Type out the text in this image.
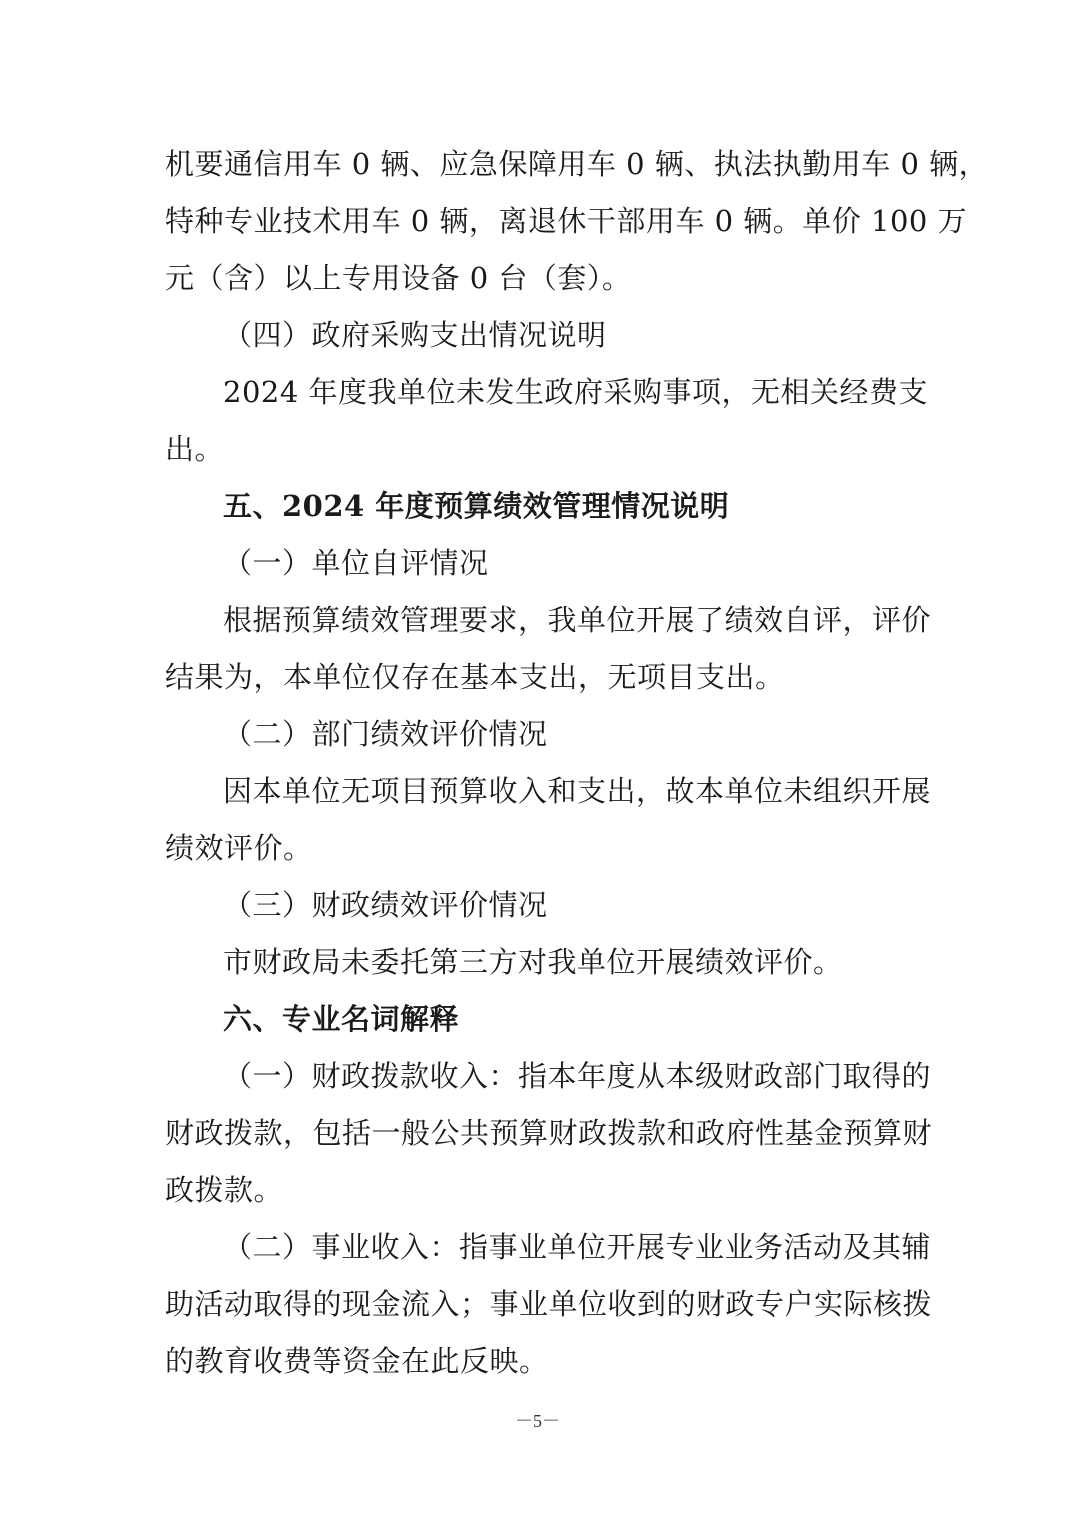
机要通信用车 0 辆、应急保障用车 0 辆、执法执勤用车 0 辆，
特种专业技术用车 0 辆，离退休干部用车 0 辆。单价 100 万
元（含）以上专用设备 0 台（套）。
（四）政府采购支出情况说明
2024 年度我单位未发生政府采购事项，无相关经费支
出。
五、2024 年度预算绩效管理情况说明
（一）单位自评情况
根据预算绩效管理要求，我单位开展了绩效自评，评价
结果为，本单位仅存在基本支出，无项目支出。
（二）部门绩效评价情况
因本单位无项目预算收入和支出，故本单位未组织开展
绩效评价。
（三）财政绩效评价情况
市财政局未委托第三方对我单位开展绩效评价。
六、专业名词解释
（一）财政拨款收入：指本年度从本级财政部门取得的
财政拨款，包括一般公共预算财政拨款和政府性基金预算财
政拨款。
（二）事业收入：指事业单位开展专业业务活动及其辅
助活动取得的现金流入；事业单位收到的财政专户实际核拨
的教育收费等资金在此反映。
－5－
